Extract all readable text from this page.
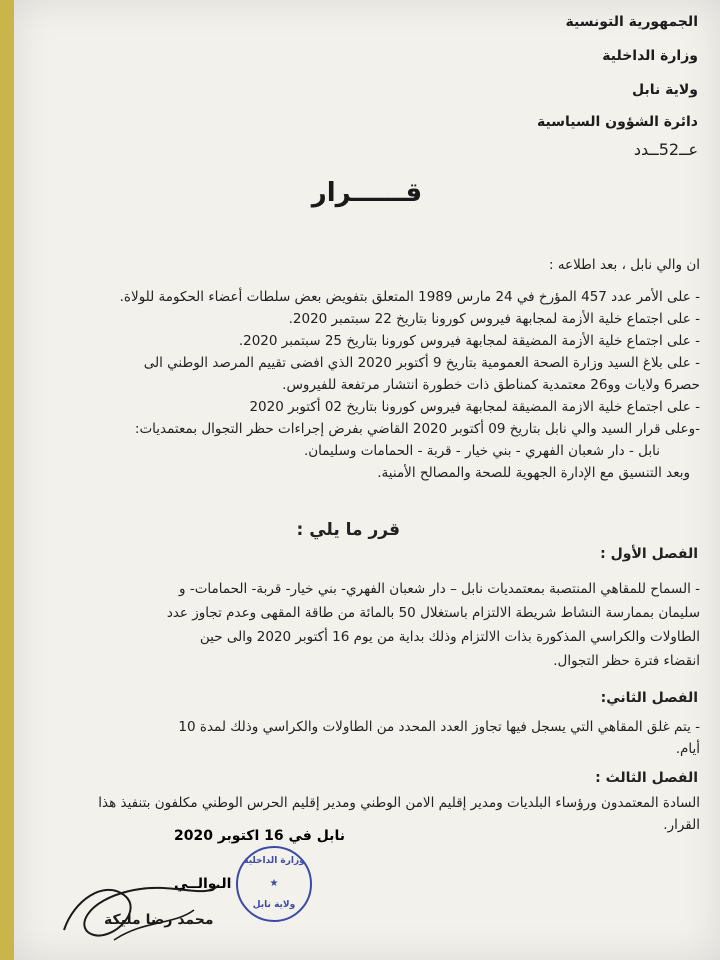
الجمهورية التونسية
وزارة الداخلية
ولاية نابل
دائرة الشؤون السياسية
عــ52ــدد
قــــــرار
ان والي نابل ، بعد اطلاعه :
- على الأمر عدد 457 المؤرخ في 24 مارس 1989 المتعلق بتفويض بعض سلطات أعضاء الحكومة للولاة.
- على اجتماع خلية الأزمة لمجابهة فيروس كورونا بتاريخ 22 سبتمبر 2020.
- على اجتماع خلية الأزمة المضيقة لمجابهة فيروس كورونا بتاريخ 25 سبتمبر 2020.
- على بلاغ السيد وزارة الصحة العمومية بتاريخ 9 أكتوبر 2020 الذي افضى تقييم المرصد الوطني الى
حصر6 ولايات وو26 معتمدية كمناطق ذات خطورة انتشار مرتفعة للفيروس.
- على اجتماع خلية الازمة المضيقة لمجابهة فيروس كورونا بتاريخ 02 أكتوبر 2020
-وعلى قرار السيد والي نابل بتاريخ 09 أكتوبر 2020 القاضي بفرض إجراءات حظر التجوال بمعتمديات:
نابل - دار شعبان الفهري - بني خيار - قربة - الحمامات وسليمان.
وبعد التنسيق مع الإدارة الجهوية للصحة والمصالح الأمنية.
قرر ما يلي :
الفصل الأول :
- السماح للمقاهي المنتصبة بمعتمديات نابل – دار شعبان الفهري- بني خيار- قربة- الحمامات- و
سليمان بممارسة النشاط شريطة الالتزام باستغلال 50 بالمائة من طاقة المقهى وعدم تجاوز عدد
الطاولات والكراسي المذكورة بذات الالتزام وذلك بداية من يوم 16 أكتوبر 2020 والى حين
انقضاء فترة حظر التجوال.
الفصل الثاني:
- يتم غلق المقاهي التي يسجل فيها تجاوز العدد المحدد من الطاولات والكراسي وذلك لمدة 10
أيام.
الفصل الثالث :
السادة المعتمدون ورؤساء البلديات ومدير إقليم الامن الوطني ومدير إقليم الحرس الوطني مكلفون بتنفيذ هذا
القرار.
نابل في 16 اكتوبر 2020
وزارة الداخلية
★
ولاية نابل
الـوالــي
محمد رضا مليكة
